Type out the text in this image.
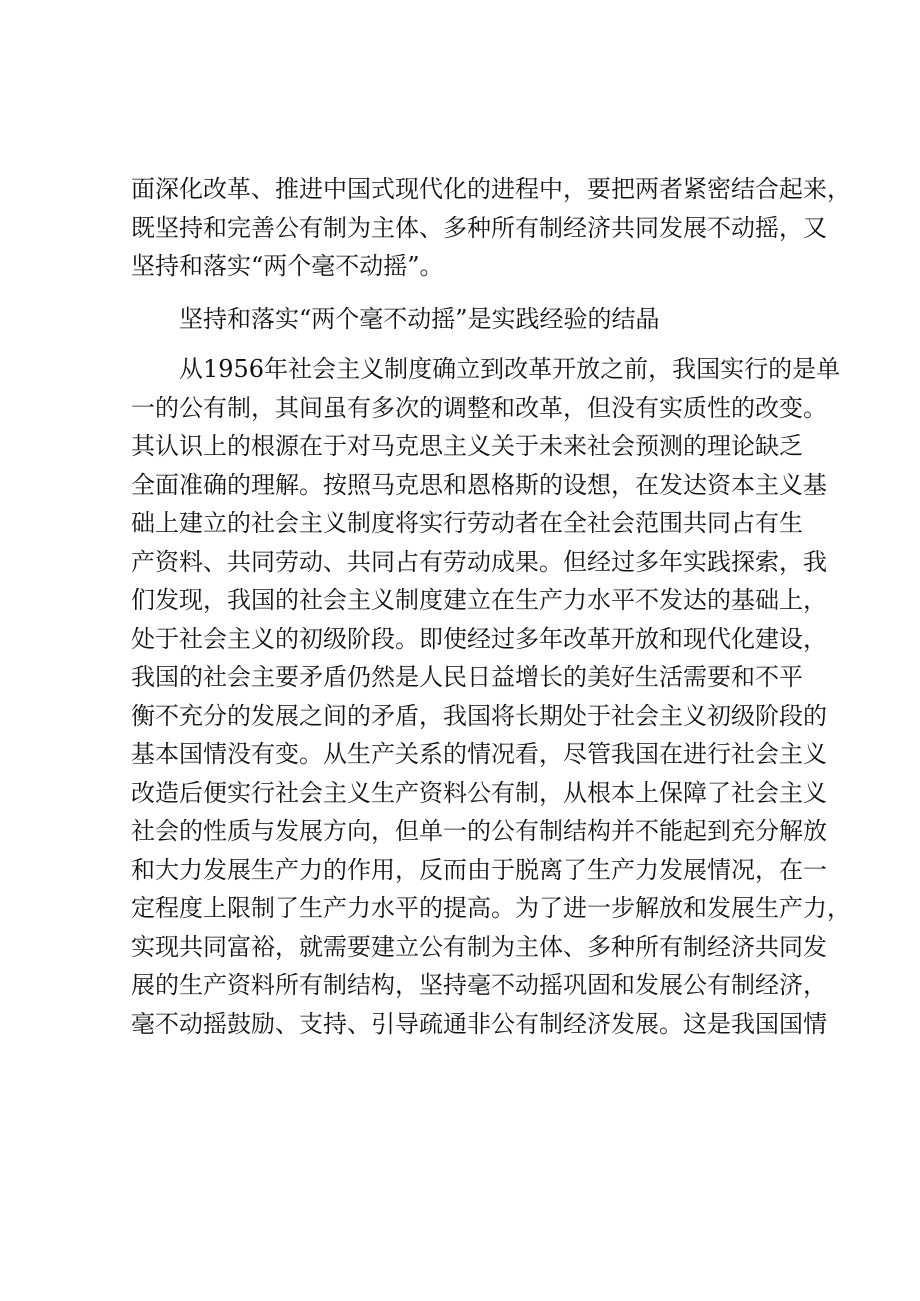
面深化改革、推进中国式现代化的进程中，要把两者紧密结合起来，
既坚持和完善公有制为主体、多种所有制经济共同发展不动摇，又
坚持和落实“两个毫不动摇”。
坚持和落实“两个毫不动摇”是实践经验的结晶
从1956年社会主义制度确立到改革开放之前，我国实行的是单
一的公有制，其间虽有多次的调整和改革，但没有实质性的改变。
其认识上的根源在于对马克思主义关于未来社会预测的理论缺乏
全面准确的理解。按照马克思和恩格斯的设想，在发达资本主义基
础上建立的社会主义制度将实行劳动者在全社会范围共同占有生
产资料、共同劳动、共同占有劳动成果。但经过多年实践探索，我
们发现，我国的社会主义制度建立在生产力水平不发达的基础上，
处于社会主义的初级阶段。即使经过多年改革开放和现代化建设，
我国的社会主要矛盾仍然是人民日益增长的美好生活需要和不平
衡不充分的发展之间的矛盾，我国将长期处于社会主义初级阶段的
基本国情没有变。从生产关系的情况看，尽管我国在进行社会主义
改造后便实行社会主义生产资料公有制，从根本上保障了社会主义
社会的性质与发展方向，但单一的公有制结构并不能起到充分解放
和大力发展生产力的作用，反而由于脱离了生产力发展情况，在一
定程度上限制了生产力水平的提高。为了进一步解放和发展生产力，
实现共同富裕，就需要建立公有制为主体、多种所有制经济共同发
展的生产资料所有制结构，坚持毫不动摇巩固和发展公有制经济，
毫不动摇鼓励、支持、引导疏通非公有制经济发展。这是我国国情
